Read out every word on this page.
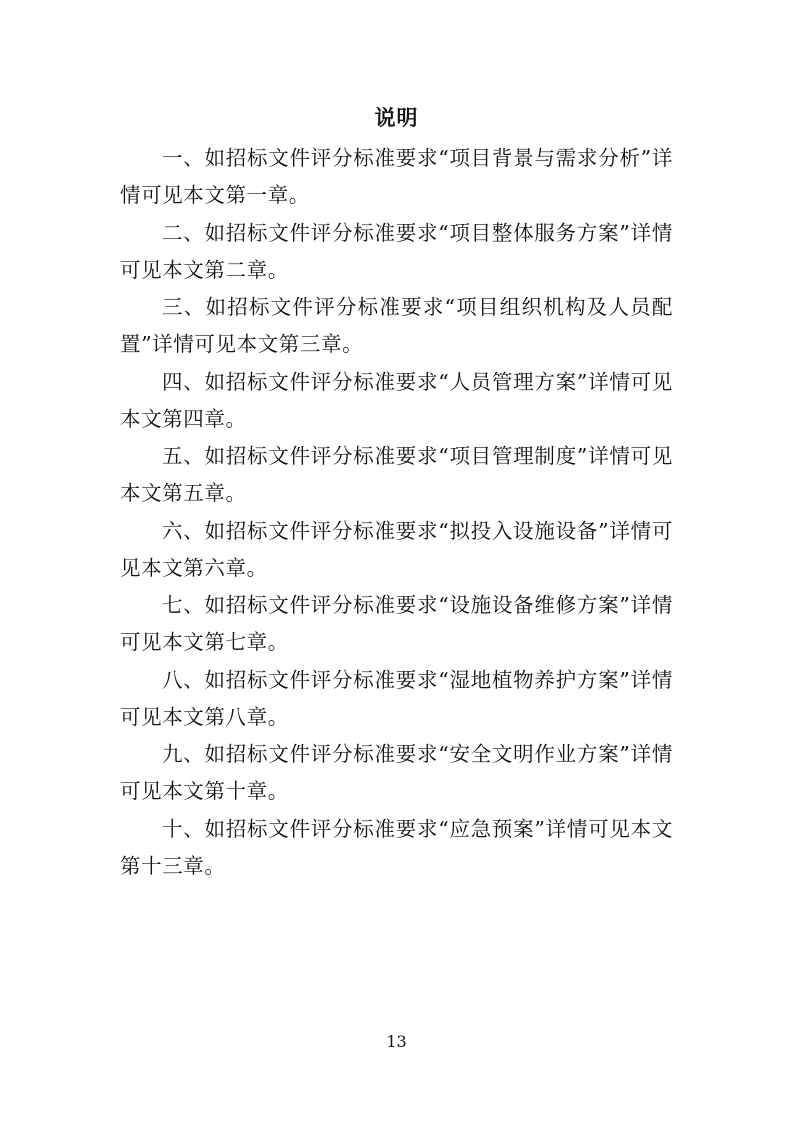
说明

一、如招标文件评分标准要求“项目背景与需求分析”详情可见本文第一章。

二、如招标文件评分标准要求“项目整体服务方案”详情可见本文第二章。

三、如招标文件评分标准要求“项目组织机构及人员配置”详情可见本文第三章。

四、如招标文件评分标准要求“人员管理方案”详情可见本文第四章。

五、如招标文件评分标准要求“项目管理制度”详情可见本文第五章。

六、如招标文件评分标准要求“拟投入设施设备”详情可见本文第六章。

七、如招标文件评分标准要求“设施设备维修方案”详情可见本文第七章。

八、如招标文件评分标准要求“湿地植物养护方案”详情可见本文第八章。

九、如招标文件评分标准要求“安全文明作业方案”详情可见本文第十章。

十、如招标文件评分标准要求“应急预案”详情可见本文第十三章。

13
